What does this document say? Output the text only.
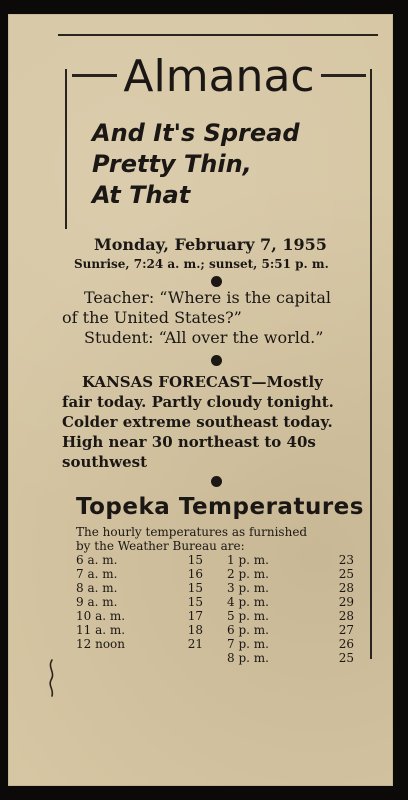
Almanac
And It's Spread
Pretty Thin,
At That
Monday, February 7, 1955
Sunrise, 7:24 a. m.; sunset, 5:51 p. m.
Teacher: “Where is the capital
of the United States?”
Student: “All over the world.”
KANSAS FORECAST—Mostly
fair today. Partly cloudy tonight.
Colder extreme southeast today.
High near 30 northeast to 40s
southwest
Topeka Temperatures
The hourly temperatures as furnished
by the Weather Bureau are:
6 a. m.	15
7 a. m.	16
8 a. m.	15
9 a. m.	15
10 a. m.	17
11 a. m.	18
12 noon	21
1 p. m.	23
2 p. m.	25
3 p. m.	28
4 p. m.	29
5 p. m.	28
6 p. m.	27
7 p. m.	26
8 p. m.	25
